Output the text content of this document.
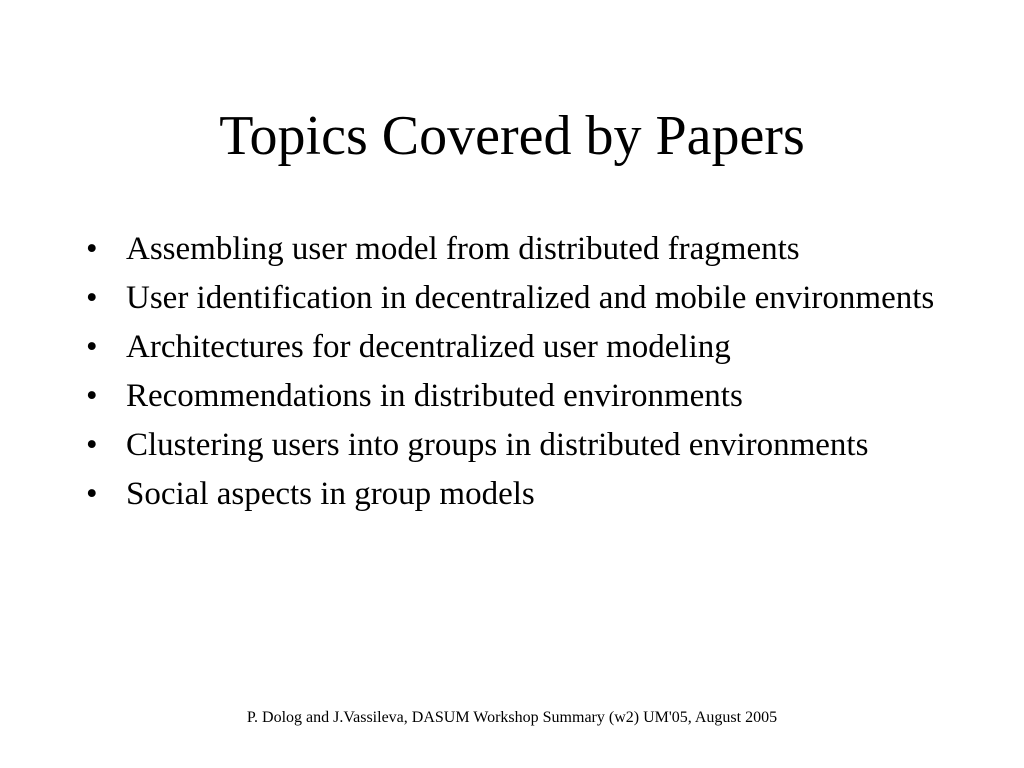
Topics Covered by Papers
• Assembling user model from distributed fragments
• User identification in decentralized and mobile environments
• Architectures for decentralized user modeling
• Recommendations in distributed environments
• Clustering users into groups in distributed environments
• Social aspects in group models
P. Dolog and J.Vassileva, DASUM Workshop Summary (w2) UM'05, August 2005
